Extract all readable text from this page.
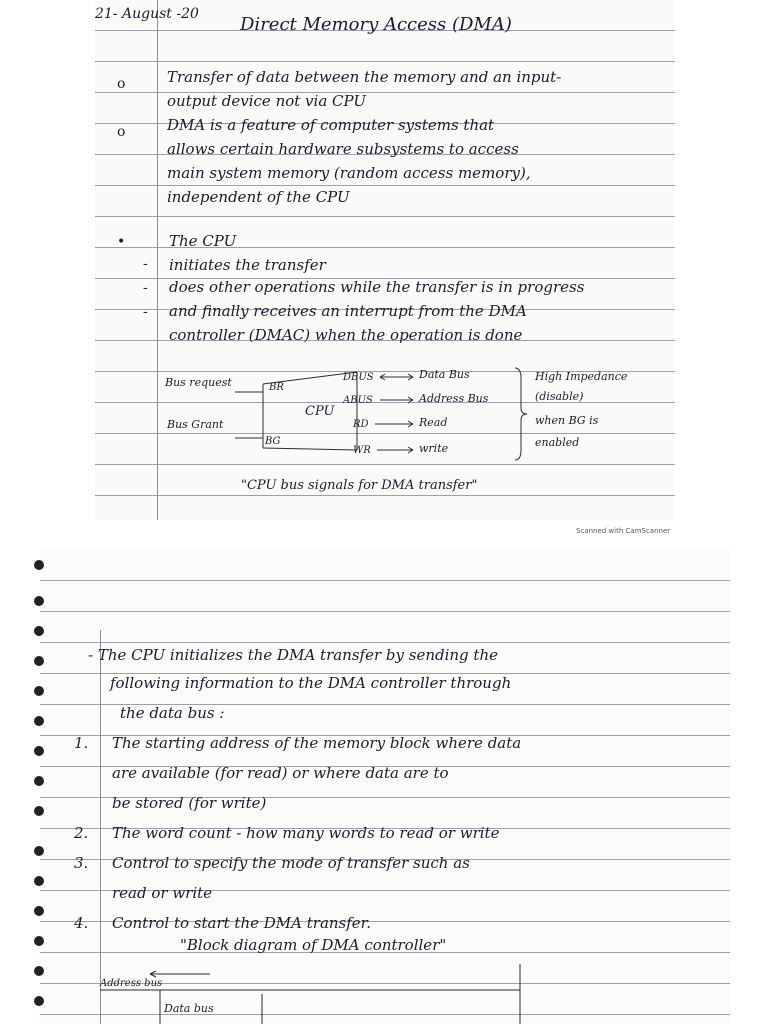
21- August -20 Direct Memory Access (DMA)
o	Transfer of data between the memory and an input-
output device not via CPU
o	DMA is a feature of computer systems that
allows certain hardware subsystems to access
main system memory (random access memory),
independent of the CPU
•	The CPU
- initiates the transfer
- does other operations while the transfer is in progress
- and finally receives an interrupt from the DMA
controller (DMAC) when the operation is done
Bus request	BR
Bus Grant
BG
CPU
DBUS	Data Bus
ABUS	Address Bus
RD	Read
WR	write
High Impedance
(disable)
when BG is
enabled
"CPU bus signals for DMA transfer"
Scanned with CamScanner
- The CPU initializes the DMA transfer by sending the
following information to the DMA controller through
the data bus :
1. The starting address of the memory block where data
are available (for read) or where data are to
be stored (for write)
2. The word count - how many words to read or write
3. Control to specify the mode of transfer such as
read or write
4. Control to start the DMA transfer.
"Block diagram of DMA controller"
Address bus
Data bus
